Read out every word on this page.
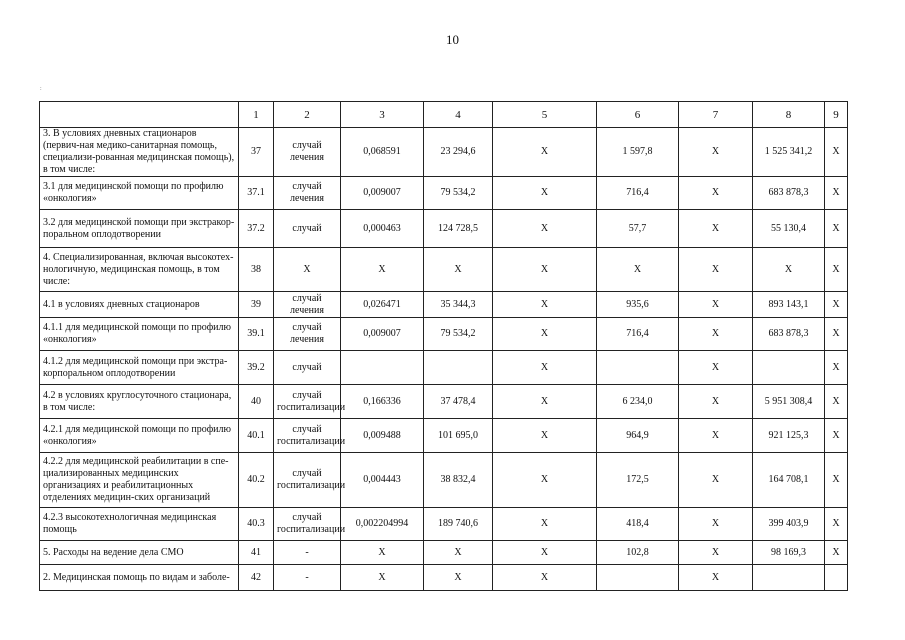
10
:
	1	2	3	4	5	6	7	8	9
3. В условиях дневных стационаров (первич-ная медико-санитарная помощь, специализи-рованная медицинская помощь), в том числе:	37	случай лечения	0,068591	23 294,6	X	1 597,8	X	1 525 341,2	X
3.1 для медицинской помощи по профилю «онкология»	37.1	случай лечения	0,009007	79 534,2	X	716,4	X	683 878,3	X
3.2 для медицинской помощи при экстракор-поральном оплодотворении	37.2	случай	0,000463	124 728,5	X	57,7	X	55 130,4	X
4. Специализированная, включая высокотех-нологичную, медицинская помощь, в том числе:	38	X	X	X	X	X	X	X	X
4.1 в условиях дневных стационаров	39	случай лечения	0,026471	35 344,3	X	935,6	X	893 143,1	X
4.1.1 для медицинской помощи по профилю «онкология»	39.1	случай лечения	0,009007	79 534,2	X	716,4	X	683 878,3	X
4.1.2 для медицинской помощи при экстра-корпоральном оплодотворении	39.2	случай			X		X		X
4.2 в условиях круглосуточного стационара, в том числе:	40	случай госпитализации	0,166336	37 478,4	X	6 234,0	X	5 951 308,4	X
4.2.1 для медицинской помощи по профилю «онкология»	40.1	случай госпитализации	0,009488	101 695,0	X	964,9	X	921 125,3	X
4.2.2 для медицинской реабилитации в спе-циализированных медицинских организациях и реабилитационных отделениях медицин-ских организаций	40.2	случай госпитализации	0,004443	38 832,4	X	172,5	X	164 708,1	X
4.2.3 высокотехнологичная медицинская помощь	40.3	случай госпитализации	0,002204994	189 740,6	X	418,4	X	399 403,9	X
5. Расходы на ведение дела СМО	41	-	X	X	X	102,8	X	98 169,3	X
2. Медицинская помощь по видам и заболе-	42	-	X	X	X		X		
